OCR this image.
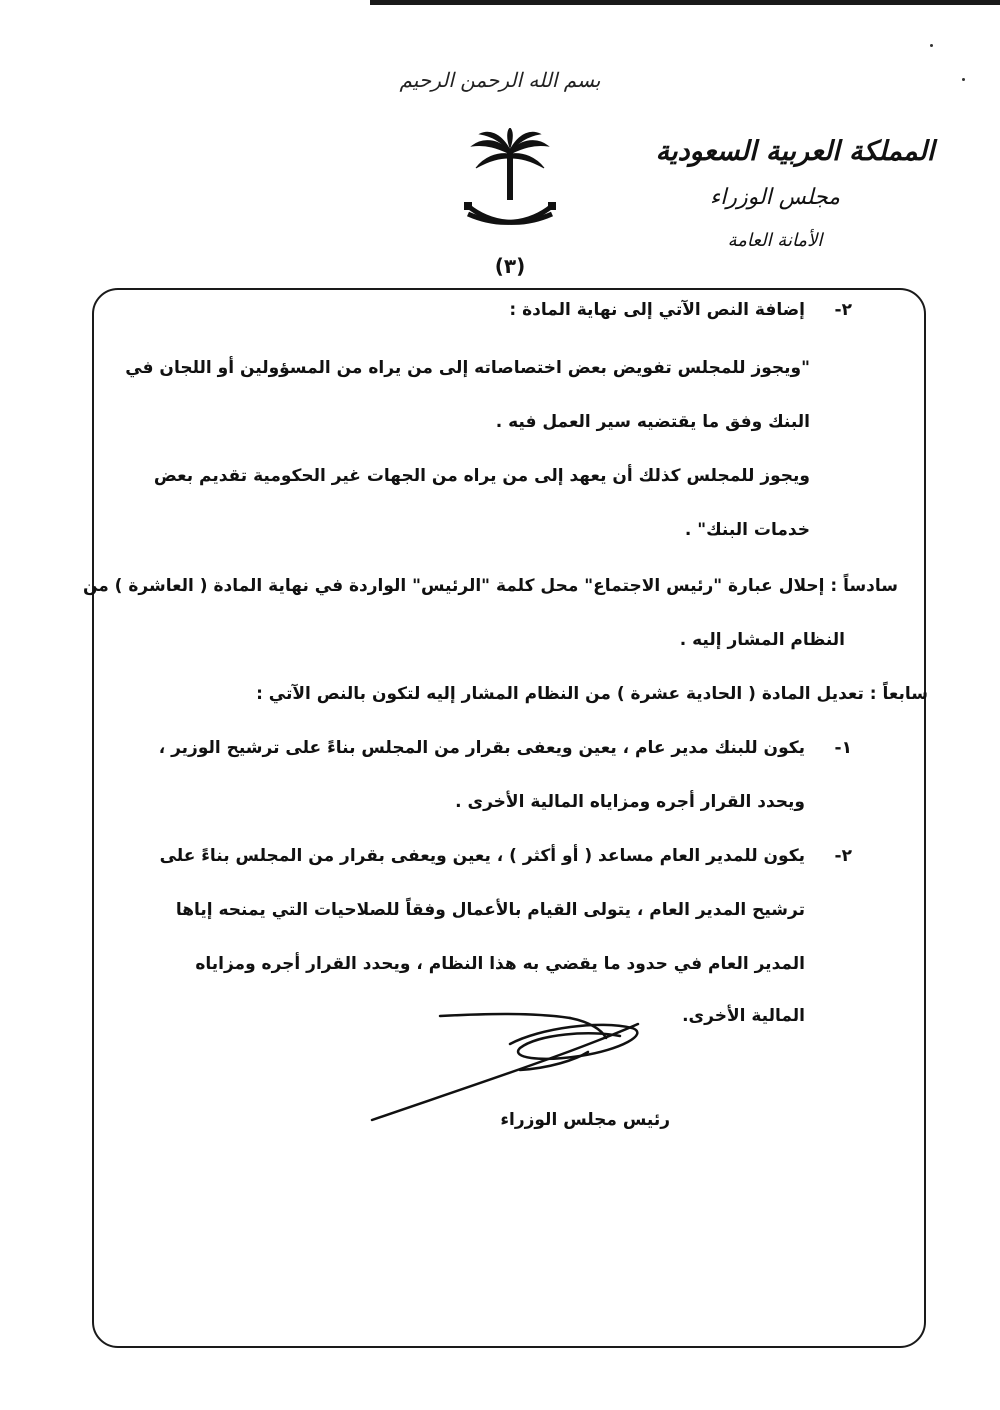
بسم الله الرحمن الرحيم
(٣)
المملكة العربية السعودية
مجلس الوزراء
الأمانة العامة
٢-
إضافة النص الآتي إلى نهاية المادة :
"ويجوز للمجلس تفويض بعض اختصاصاته إلى من يراه من المسؤولين أو اللجان في
البنك وفق ما يقتضيه سير العمل فيه .
ويجوز للمجلس كذلك أن يعهد إلى من يراه من الجهات غير الحكومية تقديم بعض
خدمات البنك" .
سادساً : إحلال عبارة "رئيس الاجتماع" محل كلمة "الرئيس" الواردة في نهاية المادة ( العاشرة ) من
النظام المشار إليه .
سابعاً : تعديل المادة ( الحادية عشرة ) من النظام المشار إليه لتكون بالنص الآتي :
١-
يكون للبنك مدير عام ، يعين ويعفى بقرار من المجلس بناءً على ترشيح الوزير ،
ويحدد القرار أجره ومزاياه المالية الأخرى .
٢-
يكون للمدير العام مساعد ( أو أكثر ) ، يعين ويعفى بقرار من المجلس بناءً على
ترشيح المدير العام ، يتولى القيام بالأعمال وفقاً للصلاحيات التي يمنحه إياها
المدير العام في حدود ما يقضي به هذا النظام ، ويحدد القرار أجره ومزاياه
المالية الأخرى.
رئيس مجلس الوزراء
